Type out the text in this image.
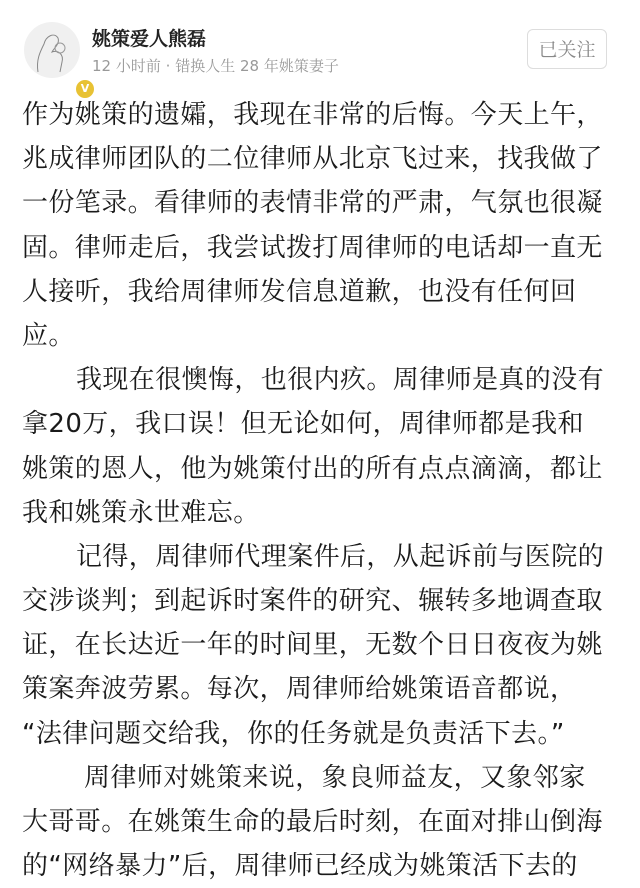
V
姚策爱人熊磊
12 小时前 · 错换人生 28 年姚策妻子
已关注
作为姚策的遗孀，我现在非常的后悔。今天上午，
兆成律师团队的二位律师从北京飞过来，找我做了
一份笔录。看律师的表情非常的严肃，气氛也很凝
固。律师走后，我尝试拨打周律师的电话却一直无
人接听，我给周律师发信息道歉，也没有任何回
应。
我现在很懊悔，也很内疚。周律师是真的没有
拿20万，我口误！但无论如何，周律师都是我和
姚策的恩人，他为姚策付出的所有点点滴滴，都让
我和姚策永世难忘。
记得，周律师代理案件后，从起诉前与医院的
交涉谈判；到起诉时案件的研究、辗转多地调查取
证，在长达近一年的时间里，无数个日日夜夜为姚
策案奔波劳累。每次，周律师给姚策语音都说，
“法律问题交给我，你的任务就是负责活下去。”
周律师对姚策来说，象良师益友，又象邻家
大哥哥。在姚策生命的最后时刻，在面对排山倒海
的“网络暴力”后，周律师已经成为姚策活下去的
